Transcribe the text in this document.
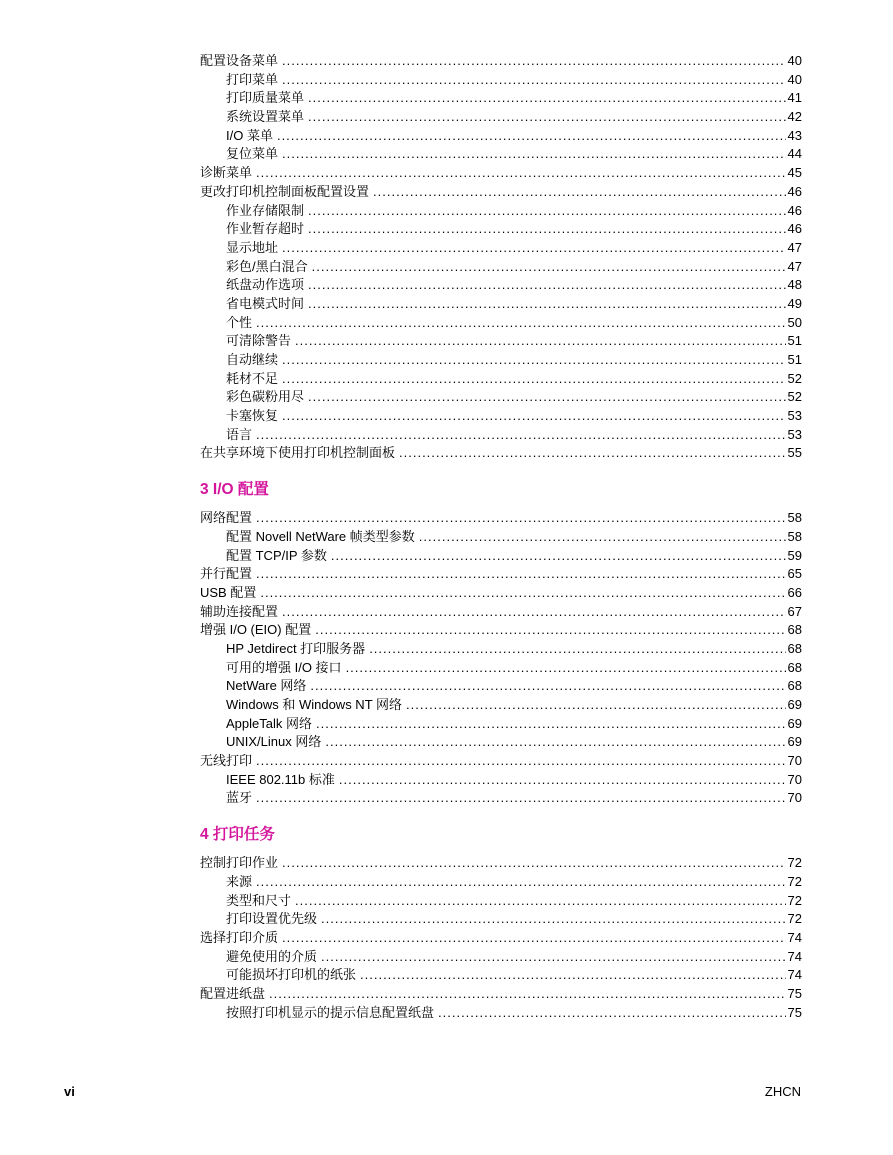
配置设备菜单 .....	40
打印菜单 .....	40
打印质量菜单 .....	41
系统设置菜单 .....	42
I/O 菜单 .....	43
复位菜单 .....	44
诊断菜单 .....	45
更改打印机控制面板配置设置 .....	46
作业存储限制 .....	46
作业暂存超时 .....	46
显示地址 .....	47
彩色/黑白混合 .....	47
纸盘动作选项 .....	48
省电模式时间 .....	49
个性 .....	50
可清除警告 .....	51
自动继续 .....	51
耗材不足 .....	52
彩色碳粉用尽 .....	52
卡塞恢复 .....	53
语言 .....	53
在共享环境下使用打印机控制面板 .....	55
3 I/O 配置
网络配置 .....	58
配置 Novell NetWare 帧类型参数 .....	58
配置 TCP/IP 参数 .....	59
并行配置 .....	65
USB 配置 .....	66
辅助连接配置 .....	67
增强 I/O (EIO) 配置 .....	68
HP Jetdirect 打印服务器 .....	68
可用的增强 I/O 接口 .....	68
NetWare 网络 .....	68
Windows 和 Windows NT 网络 .....	69
AppleTalk 网络 .....	69
UNIX/Linux 网络 .....	69
无线打印 .....	70
IEEE 802.11b 标准 .....	70
蓝牙 .....	70
4 打印任务
控制打印作业 .....	72
来源 .....	72
类型和尺寸 .....	72
打印设置优先级 .....	72
选择打印介质 .....	74
避免使用的介质 .....	74
可能损坏打印机的纸张 .....	74
配置进纸盘 .....	75
按照打印机显示的提示信息配置纸盘 .....	75
vi	ZHCN
